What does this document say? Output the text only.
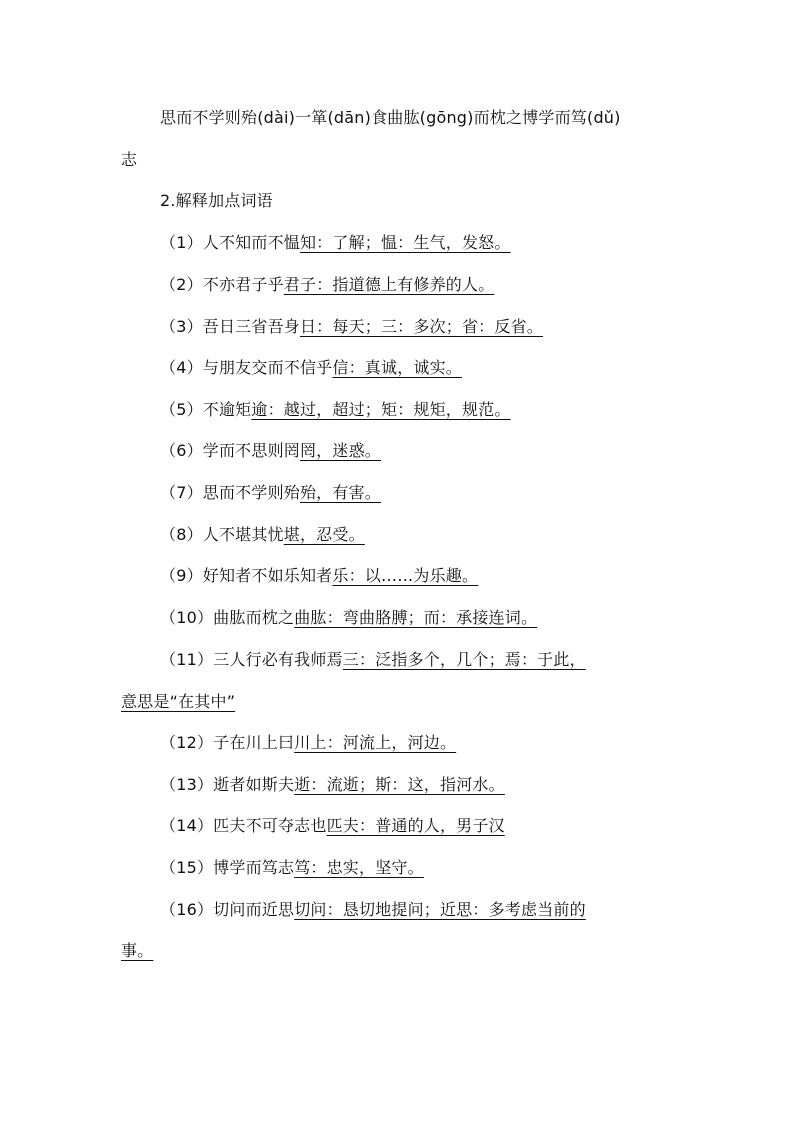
思而不学则殆(dài)一箪(dān)食曲肱(gōng)而枕之博学而笃(dǔ)
志
2.解释加点词语
（1）人不知而不愠知：了解；愠：生气，发怒。
（2）不亦君子乎君子：指道德上有修养的人。
（3）吾日三省吾身日：每天；三：多次；省：反省。
（4）与朋友交而不信乎信：真诚，诚实。
（5）不逾矩逾：越过，超过；矩：规矩，规范。
（6）学而不思则罔罔，迷惑。
（7）思而不学则殆殆，有害。
（8）人不堪其忧堪，忍受。
（9）好知者不如乐知者乐：以……为乐趣。
（10）曲肱而枕之曲肱：弯曲胳膊；而：承接连词。
（11）三人行必有我师焉三：泛指多个，几个；焉：于此，
意思是“在其中”
（12）子在川上曰川上：河流上，河边。
（13）逝者如斯夫逝：流逝；斯：这，指河水。
（14）匹夫不可夺志也匹夫：普通的人，男子汉
（15）博学而笃志笃：忠实，坚守。
（16）切问而近思切问：恳切地提问；近思：多考虑当前的
事。
